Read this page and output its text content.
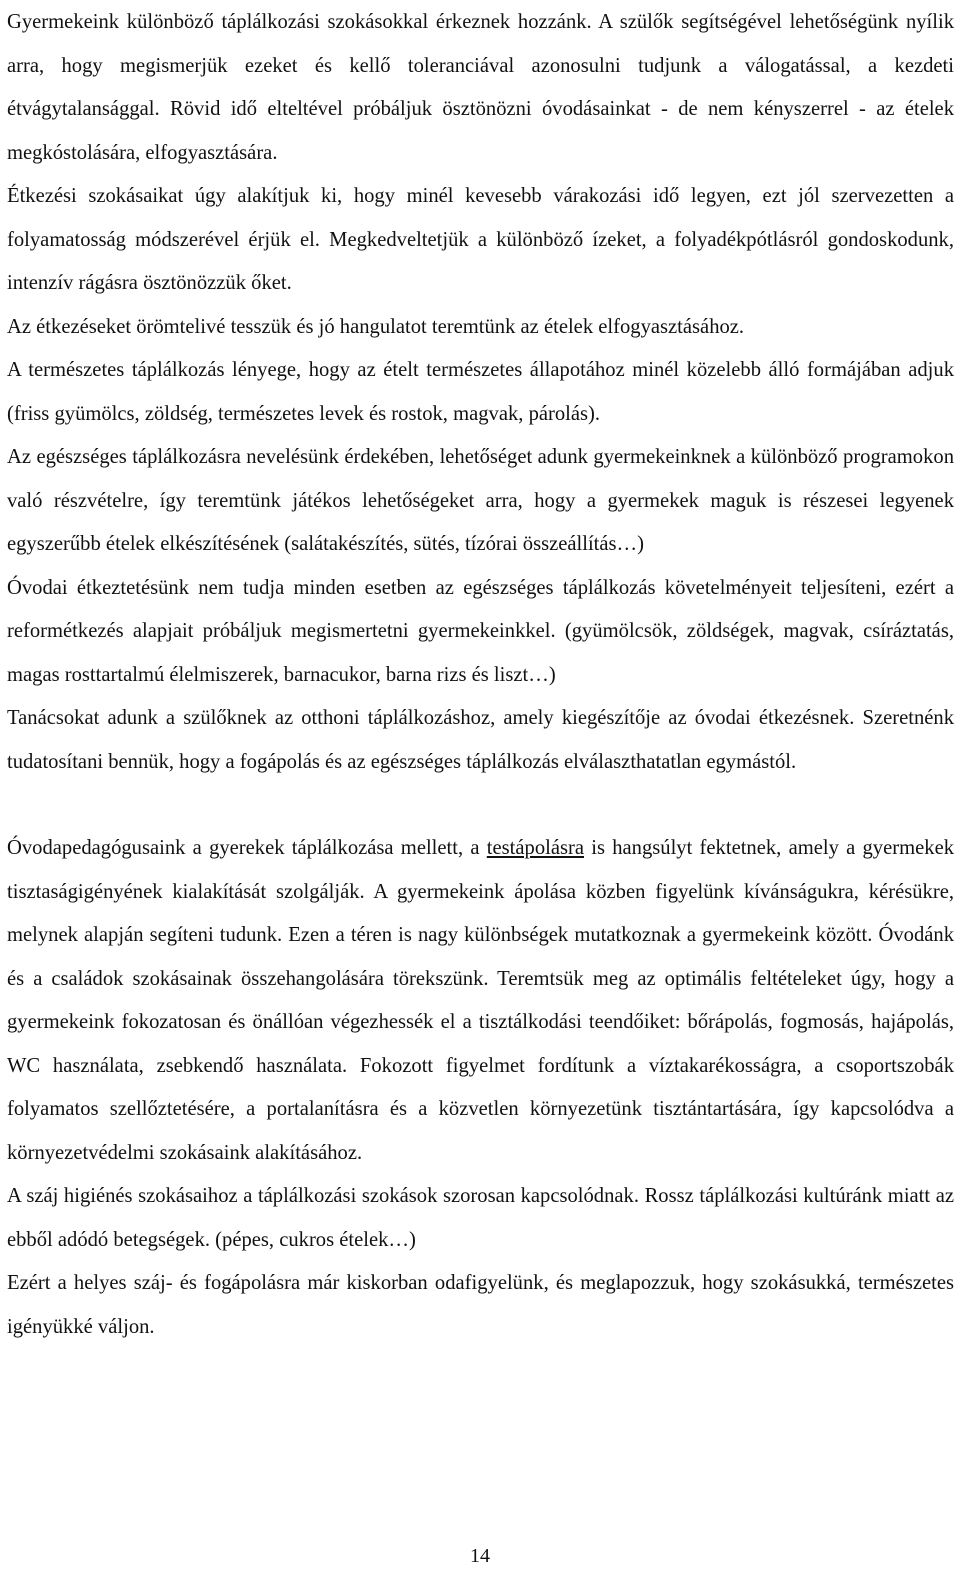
Gyermekeink különböző táplálkozási szokásokkal érkeznek hozzánk. A szülők segítségével lehetőségünk nyílik arra, hogy megismerjük ezeket és kellő toleranciával azonosulni tudjunk a válogatással, a kezdeti étvágytalansággal. Rövid idő elteltével próbáljuk ösztönözni óvodásainkat - de nem kényszerrel - az ételek megkóstolására, elfogyasztására.

Étkezési szokásaikat úgy alakítjuk ki, hogy minél kevesebb várakozási idő legyen, ezt jól szervezetten a folyamatosság módszerével érjük el. Megkedveltetjük a különböző ízeket, a folyadékpótlásról gondoskodunk, intenzív rágásra ösztönözzük őket.

Az étkezéseket örömtelivé tesszük és jó hangulatot teremtünk az ételek elfogyasztásához.

A természetes táplálkozás lényege, hogy az ételt természetes állapotához minél közelebb álló formájában adjuk (friss gyümölcs, zöldség, természetes levek és rostok, magvak, párolás).

Az egészséges táplálkozásra nevelésünk érdekében, lehetőséget adunk gyermekeinknek a különböző programokon való részvételre, így teremtünk játékos lehetőségeket arra, hogy a gyermekek maguk is részesei legyenek egyszerűbb ételek elkészítésének (salátakészítés, sütés, tízórai összeállítás…)

Óvodai étkeztetésünk nem tudja minden esetben az egészséges táplálkozás követelményeit teljesíteni, ezért a reformétkezés alapjait próbáljuk megismertetni gyermekeinkkel. (gyümölcsök, zöldségek, magvak, csíráztatás, magas rosttartalmú élelmiszerek, barnacukor, barna rizs és liszt…)

Tanácsokat adunk a szülőknek az otthoni táplálkozáshoz, amely kiegészítője az óvodai étkezésnek. Szeretnénk tudatosítani bennük, hogy a fogápolás és az egészséges táplálkozás elválaszthatatlan egymástól.

Óvodapedagógusaink a gyerekek táplálkozása mellett, a testápolásra is hangsúlyt fektetnek, amely a gyermekek tisztaságigényének kialakítását szolgálják. A gyermekeink ápolása közben figyelünk kívánságukra, kérésükre, melynek alapján segíteni tudunk. Ezen a téren is nagy különbségek mutatkoznak a gyermekeink között. Óvodánk és a családok szokásainak összehangolására törekszünk. Teremtsük meg az optimális feltételeket úgy, hogy a gyermekeink fokozatosan és önállóan végezhessék el a tisztálkodási teendőiket: bőrápolás, fogmosás, hajápolás, WC használata, zsebkendő használata. Fokozott figyelmet fordítunk a víztakarékosságra, a csoportszobák folyamatos szellőztetésére, a portalanításra és a közvetlen környezetünk tisztántartására, így kapcsolódva a környezetvédelmi szokásaink alakításához.

A száj higiénés szokásaihoz a táplálkozási szokások szorosan kapcsolódnak. Rossz táplálkozási kultúránk miatt az ebből adódó betegségek. (pépes, cukros ételek…)

Ezért a helyes száj- és fogápolásra már kiskorban odafigyelünk, és meglapozzuk, hogy szokásukká, természetes igényükké váljon.

14
